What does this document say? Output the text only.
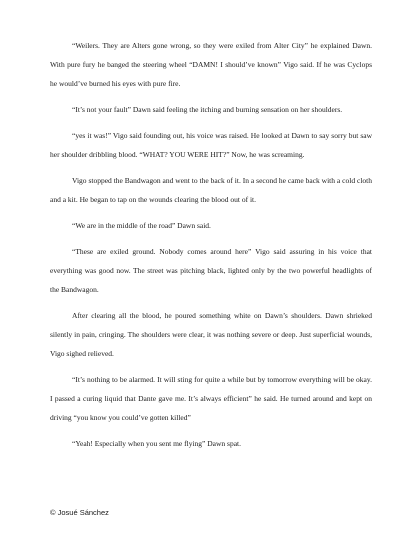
“Weilers. They are Alters gone wrong, so they were exiled from Alter City” he explained Dawn. With pure fury he banged the steering wheel “DAMN! I should’ve known” Vigo said. If he was Cyclops he would’ve burned his eyes with pure fire.

“It’s not your fault” Dawn said feeling the itching and burning sensation on her shoulders.

“yes it was!” Vigo said founding out, his voice was raised. He looked at Dawn to say sorry but saw her shoulder dribbling blood. “WHAT? YOU WERE HIT?” Now, he was screaming.

Vigo stopped the Bandwagon and went to the back of it. In a second he came back with a cold cloth and a kit. He began to tap on the wounds clearing the blood out of it.

“We are in the middle of the road” Dawn said.

“These are exiled ground. Nobody comes around here” Vigo said assuring in his voice that everything was good now. The street was pitching black, lighted only by the two powerful headlights of the Bandwagon.

After clearing all the blood, he poured something white on Dawn’s shoulders. Dawn shrieked silently in pain, cringing. The shoulders were clear, it was nothing severe or deep. Just superficial wounds, Vigo sighed relieved.

“It’s nothing to be alarmed. It will sting for quite a while but by tomorrow everything will be okay. I passed a curing liquid that Dante gave me. It’s always efficient” he said. He turned around and kept on driving “you know you could’ve gotten killed”

“Yeah! Especially when you sent me flying” Dawn spat.

© Josué Sánchez
